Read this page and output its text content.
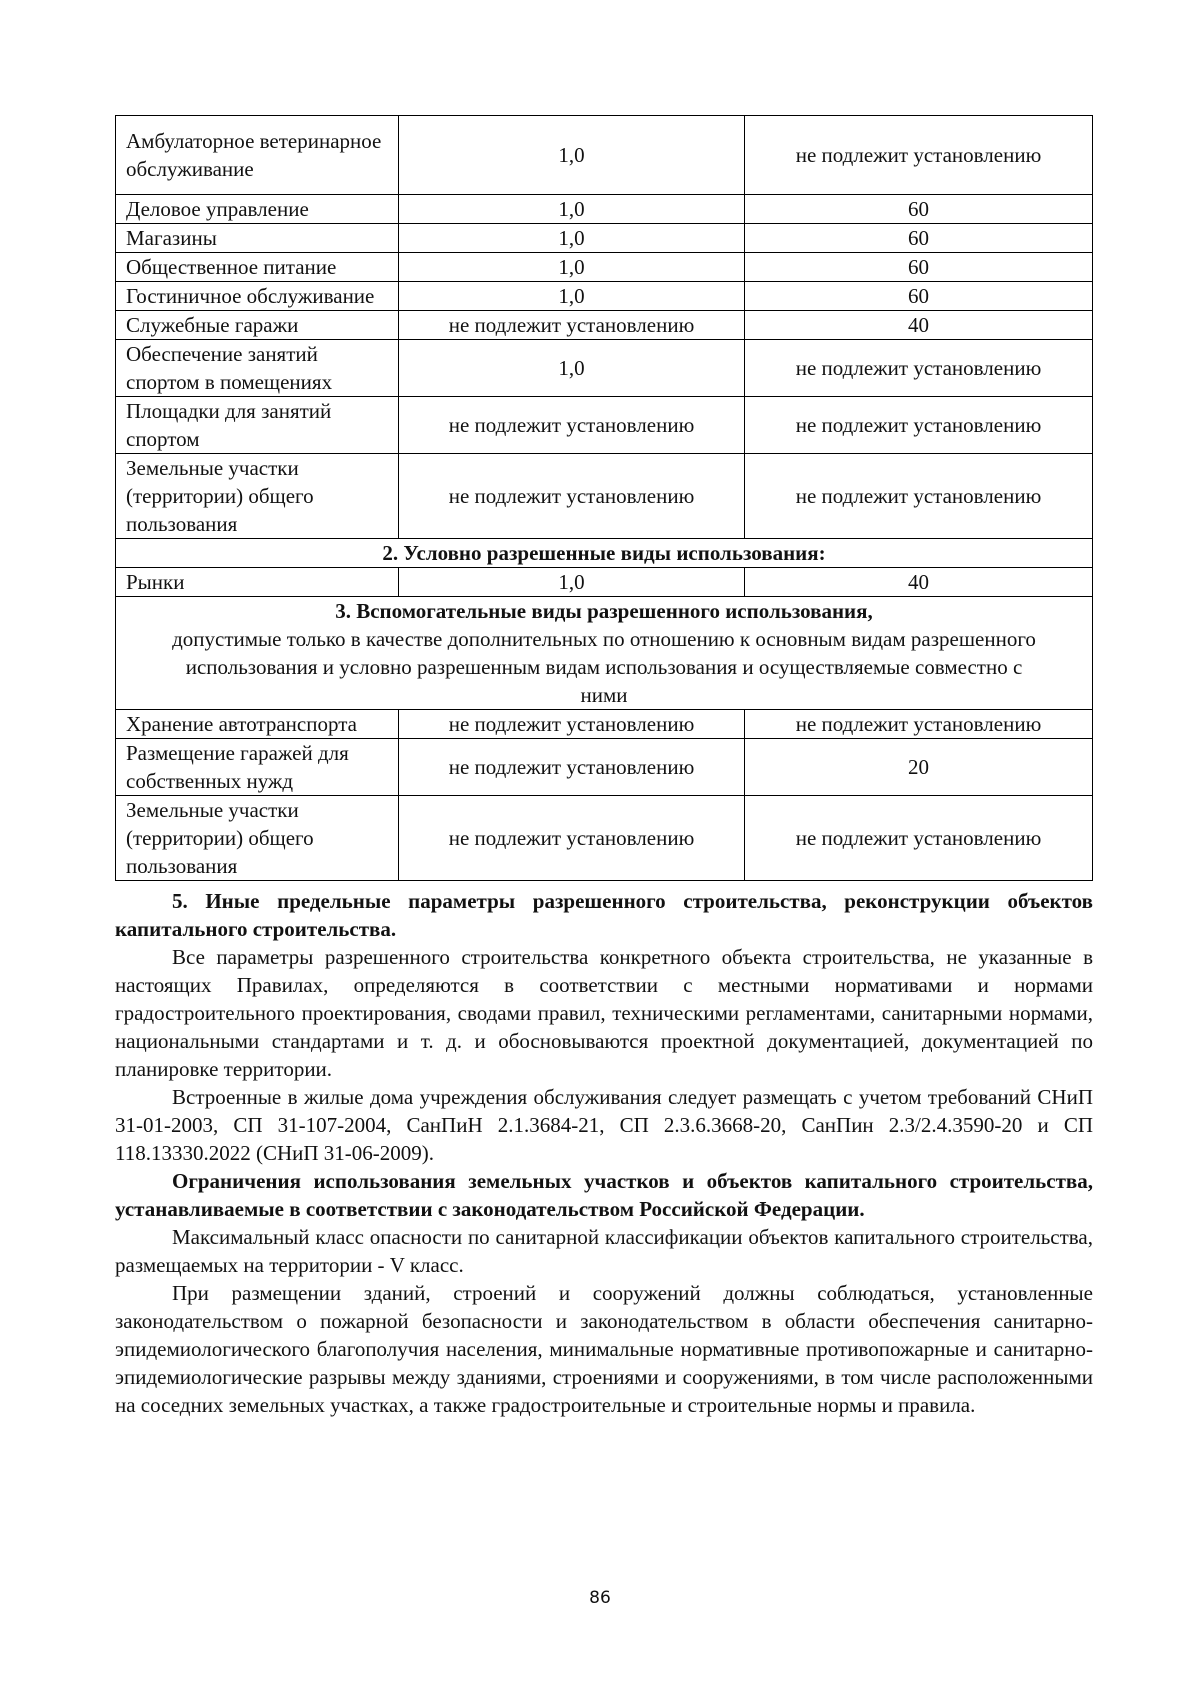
Амбулаторное ветеринарное обслуживание	1,0	не подлежит установлению
Деловое управление	1,0	60
Магазины	1,0	60
Общественное питание	1,0	60
Гостиничное обслуживание	1,0	60
Служебные гаражи	не подлежит установлению	40
Обеспечение занятий спортом в помещениях	1,0	не подлежит установлению
Площадки для занятий спортом	не подлежит установлению	не подлежит установлению
Земельные участки (территории) общего пользования	не подлежит установлению	не подлежит установлению
2. Условно разрешенные виды использования:		
Рынки	1,0	40

3. Вспомогательные виды разрешенного использования,
допустимые только в качестве дополнительных по отношению к основным видам разрешенного использования и условно разрешенным видам использования и осуществляемые совместно с ними		

Хранение автотранспорта	не подлежит установлению	не подлежит установлению
Размещение гаражей для собственных нужд	не подлежит установлению	20
Земельные участки (территории) общего пользования	не подлежит установлению	не подлежит установлению

5. Иные предельные параметры разрешенного строительства, реконструкции объектов капитального строительства.

Все параметры разрешенного строительства конкретного объекта строительства, не указанные в настоящих Правилах, определяются в соответствии с местными нормативами и нормами градостроительного проектирования, сводами правил, техническими регламентами, санитарными нормами, национальными стандартами и т. д. и обосновываются проектной документацией, документацией по планировке территории.

Встроенные в жилые дома учреждения обслуживания следует размещать с учетом требований СНиП 31-01-2003, СП 31-107-2004, СанПиН 2.1.3684-21, СП 2.3.6.3668-20, СанПин 2.3/2.4.3590-20 и СП 118.13330.2022 (СНиП 31-06-2009).

Ограничения использования земельных участков и объектов капитального строительства, устанавливаемые в соответствии с законодательством Российской Федерации.

Максимальный класс опасности по санитарной классификации объектов капитального строительства, размещаемых на территории - V класс.

При размещении зданий, строений и сооружений должны соблюдаться, установленные законодательством о пожарной безопасности и законодательством в области обеспечения санитарно-эпидемиологического благополучия населения, минимальные нормативные противопожарные и санитарно-эпидемиологические разрывы между зданиями, строениями и сооружениями, в том числе расположенными на соседних земельных участках, а также градостроительные и строительные нормы и правила.

86
